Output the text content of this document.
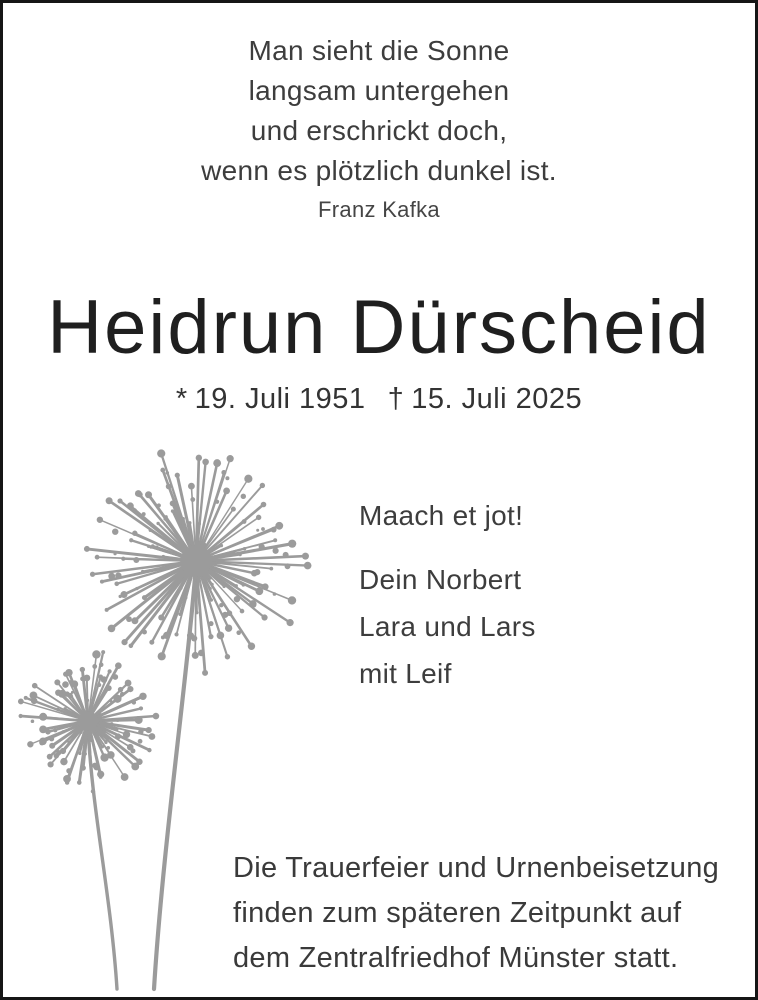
Man sieht die Sonne
langsam untergehen
und erschrickt doch,
wenn es plötzlich dunkel ist.
Franz Kafka
Heidrun Dürscheid
* 19. Juli 1951 † 15. Juli 2025
Maach et jot!
Dein Norbert
Lara und Lars
mit Leif
Die Trauerfeier und Urnenbeisetzung
finden zum späteren Zeitpunkt auf
dem Zentralfriedhof Münster statt.
